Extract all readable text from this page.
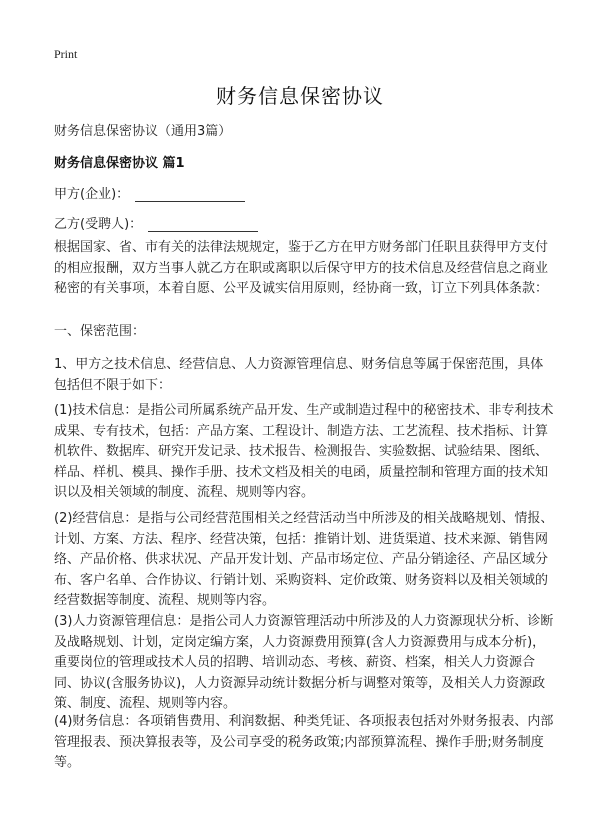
Print
财务信息保密协议
财务信息保密协议（通用3篇）
财务信息保密协议 篇1
甲方(企业)：
乙方(受聘人)：

根据国家、省、市有关的法律法规规定，鉴于乙方在甲方财务部门任职且获得甲方支付的相应报酬，双方当事人就乙方在职或离职以后保守甲方的技术信息及经营信息之商业秘密的有关事项，本着自愿、公平及诚实信用原则，经协商一致，订立下列具体条款：

一、保密范围：

1、甲方之技术信息、经营信息、人力资源管理信息、财务信息等属于保密范围，具体包括但不限于如下：

(1)技术信息：是指公司所属系统产品开发、生产或制造过程中的秘密技术、非专利技术成果、专有技术，包括：产品方案、工程设计、制造方法、工艺流程、技术指标、计算机软件、数据库、研究开发记录、技术报告、检测报告、实验数据、试验结果、图纸、样品、样机、模具、操作手册、技术文档及相关的电函，质量控制和管理方面的技术知识以及相关领域的制度、流程、规则等内容。

(2)经营信息：是指与公司经营范围相关之经营活动当中所涉及的相关战略规划、情报、计划、方案、方法、程序、经营决策，包括：推销计划、进货渠道、技术来源、销售网络、产品价格、供求状况、产品开发计划、产品市场定位、产品分销途径、产品区域分布、客户名单、合作协议、行销计划、采购资料、定价政策、财务资料以及相关领域的经营数据等制度、流程、规则等内容。

(3)人力资源管理信息：是指公司人力资源管理活动中所涉及的人力资源现状分析、诊断及战略规划、计划，定岗定编方案，人力资源费用预算(含人力资源费用与成本分析)，重要岗位的管理或技术人员的招聘、培训动态、考核、薪资、档案，相关人力资源合同、协议(含服务协议)，人力资源异动统计数据分析与调整对策等，及相关人力资源政策、制度、流程、规则等内容。

(4)财务信息：各项销售费用、利润数据、种类凭证、各项报表包括对外财务报表、内部管理报表、预决算报表等，及公司享受的税务政策;内部预算流程、操作手册;财务制度等。
